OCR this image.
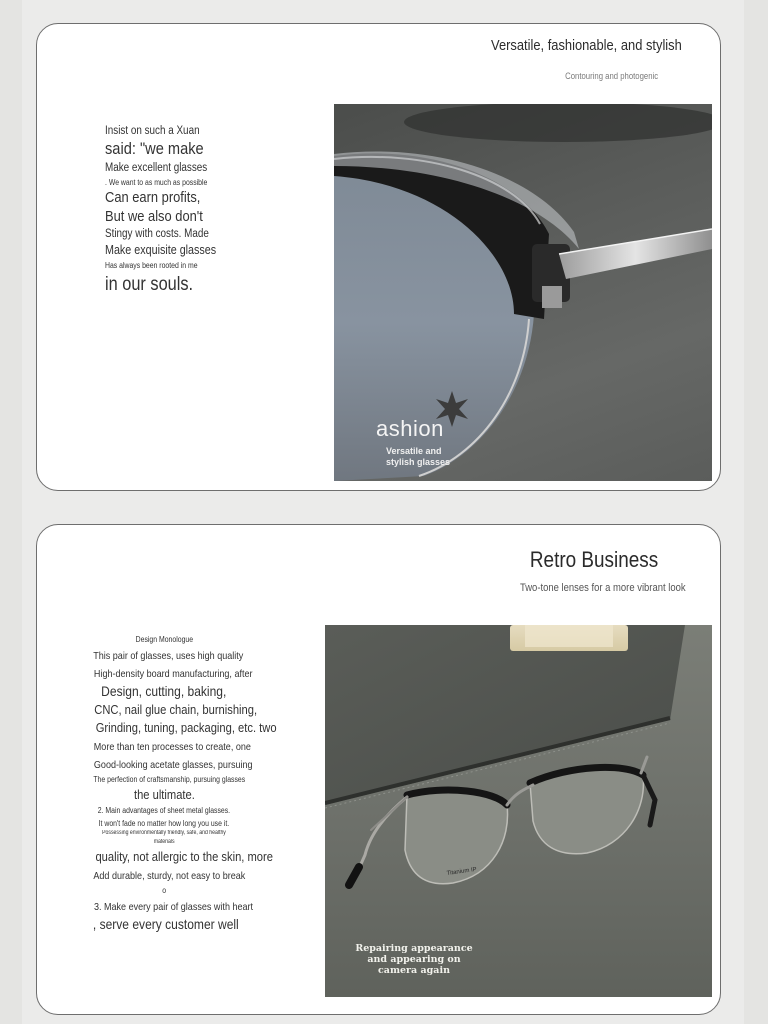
Versatile, fashionable, and stylish
Contouring and photogenic
Insist on such a Xuan
said: "we make
Make excellent glasses
. We want to as much as possible
Can earn profits,
But we also don't
Stingy with costs. Made
Make exquisite glasses
Has always been rooted in me
in our souls.
ashion
Versatile and
stylish glasses
Retro Business
Two-tone lenses for a more vibrant look
Design Monologue
This pair of glasses, uses high quality
High-density board manufacturing, after
Design, cutting, baking,
CNC, nail glue chain, burnishing,
Grinding, tuning, packaging, etc. two
More than ten processes to create, one
Good-looking acetate glasses, pursuing
The perfection of craftsmanship, pursuing glasses
the ultimate.
2. Main advantages of sheet metal glasses.
It won't fade no matter how long you use it.
Possessing environmentally friendly, safe, and healthy
materials
quality, not allergic to the skin, more
Add durable, sturdy, not easy to break
o
3. Make every pair of glasses with heart
, serve every customer well
Titanium IP
Repairing appearance
and appearing on
camera again
